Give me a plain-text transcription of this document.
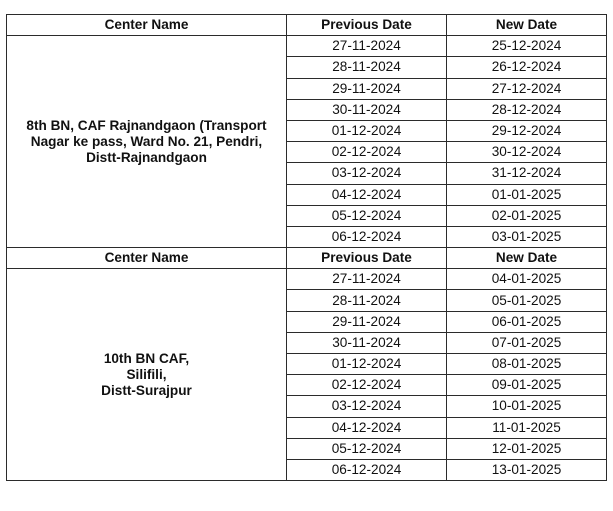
Center Name	Previous Date	New Date

8th BN, CAF Rajnandgaon (Transport
Nagar ke pass, Ward No. 21, Pendri,
Distt-Rajnandgaon	27-11-2024	25-12-2024
	28-11-2024	26-12-2024
	29-11-2024	27-12-2024
	30-11-2024	28-12-2024
	01-12-2024	29-12-2024
	02-12-2024	30-12-2024
	03-12-2024	31-12-2024
	04-12-2024	01-01-2025
	05-12-2024	02-01-2025
	06-12-2024	03-01-2025
Center Name	Previous Date	New Date

10th BN CAF,
Silifili,
Distt-Surajpur	27-11-2024	04-01-2025
	28-11-2024	05-01-2025
	29-11-2024	06-01-2025
	30-11-2024	07-01-2025
	01-12-2024	08-01-2025
	02-12-2024	09-01-2025
	03-12-2024	10-01-2025
	04-12-2024	11-01-2025
	05-12-2024	12-01-2025
	06-12-2024	13-01-2025
